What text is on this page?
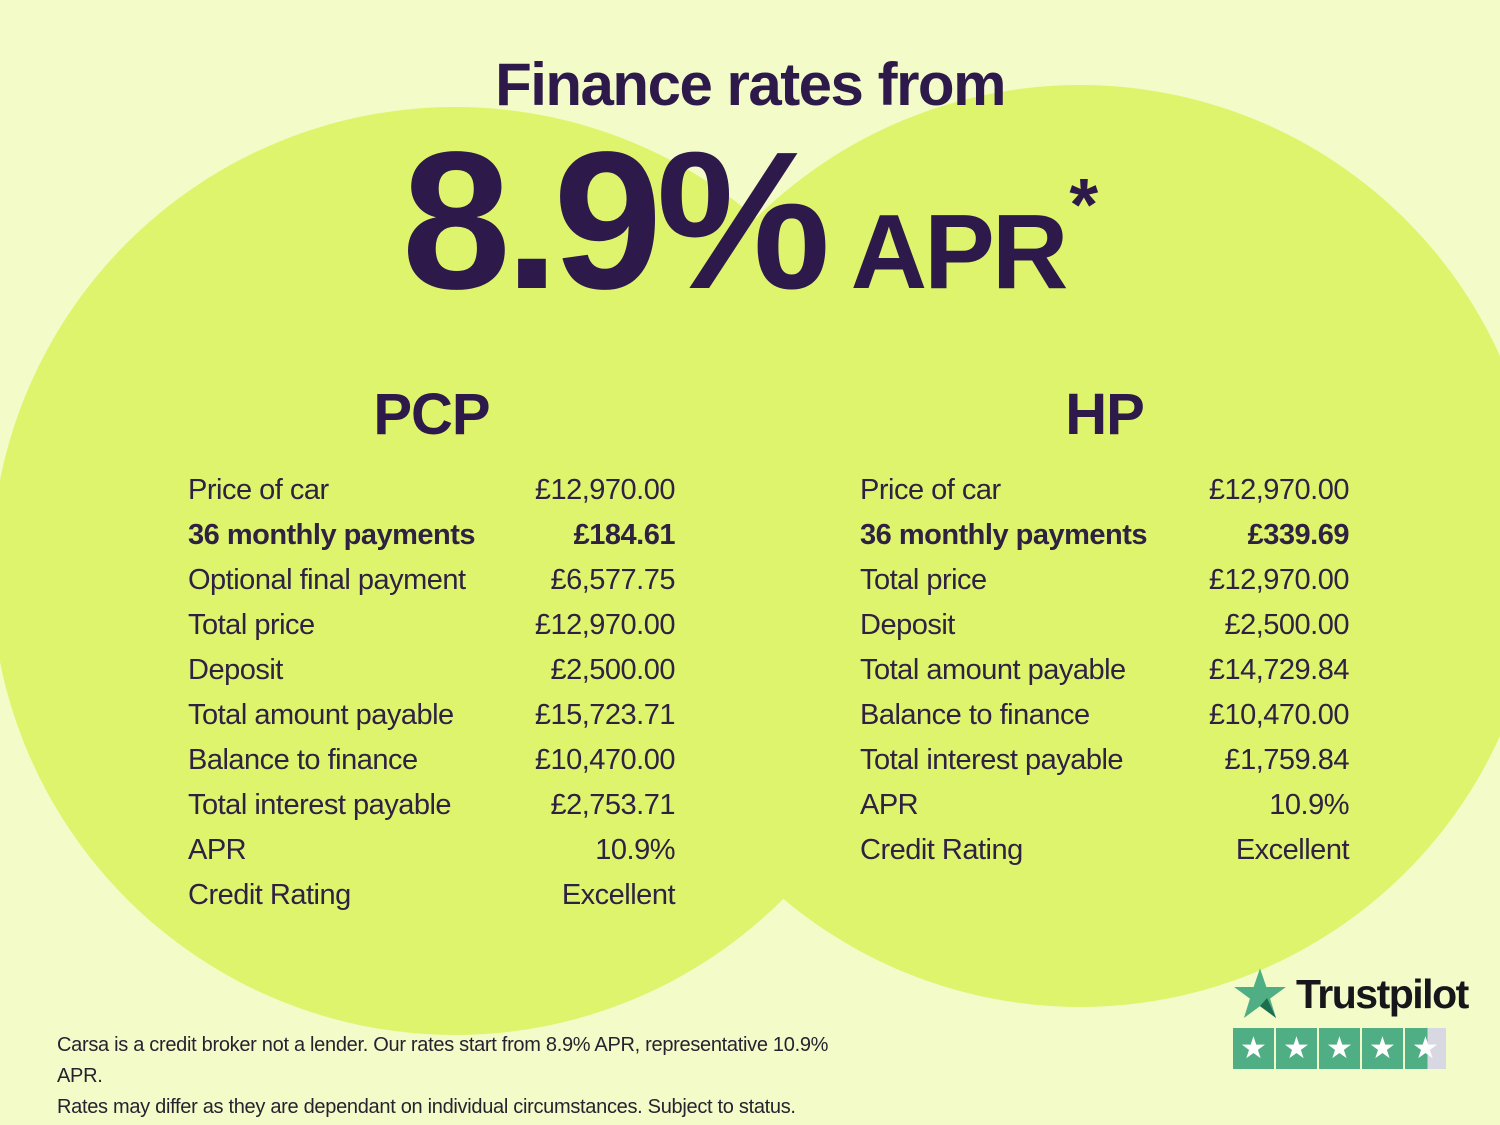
Finance rates from
8.9% APR *
PCP
Price of car	£12,970.00
36 monthly payments	£184.61
Optional final payment	£6,577.75
Total price	£12,970.00
Deposit	£2,500.00
Total amount payable	£15,723.71
Balance to finance	£10,470.00
Total interest payable	£2,753.71
APR	10.9%
Credit Rating	Excellent
HP
Price of car	£12,970.00
36 monthly payments	£339.69
Total price	£12,970.00
Deposit	£2,500.00
Total amount payable	£14,729.84
Balance to finance	£10,470.00
Total interest payable	£1,759.84
APR	10.9%
Credit Rating	Excellent
Carsa is a credit broker not a lender. Our rates start from 8.9% APR, representative 10.9% APR.
Rates may differ as they are dependant on individual circumstances. Subject to status.
Trustpilot
★ ★ ★ ★ ★
